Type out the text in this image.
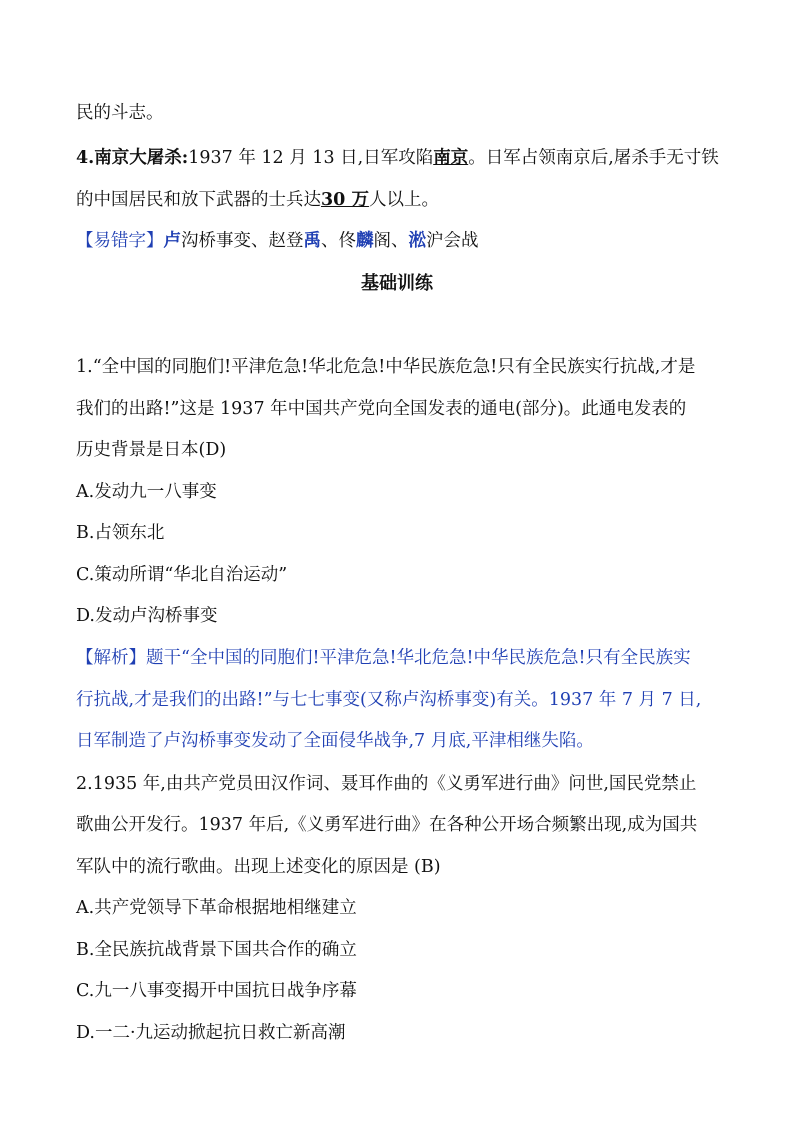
民的斗志。
4.南京大屠杀:1937 年 12 月 13 日,日军攻陷南京。日军占领南京后,屠杀手无寸铁
的中国居民和放下武器的士兵达30 万人以上。
【易错字】卢沟桥事变、赵登禹、佟麟阁、淞沪会战
基础训练
1.“全中国的同胞们!平津危急!华北危急!中华民族危急!只有全民族实行抗战,才是
我们的出路!”这是 1937 年中国共产党向全国发表的通电(部分)。此通电发表的
历史背景是日本(D)
A.发动九一八事变
B.占领东北
C.策动所谓“华北自治运动”
D.发动卢沟桥事变
【解析】题干“全中国的同胞们!平津危急!华北危急!中华民族危急!只有全民族实
行抗战,才是我们的出路!”与七七事变(又称卢沟桥事变)有关。1937 年 7 月 7 日,
日军制造了卢沟桥事变发动了全面侵华战争,7 月底,平津相继失陷。
2.1935 年,由共产党员田汉作词、聂耳作曲的《义勇军进行曲》问世,国民党禁止
歌曲公开发行。1937 年后,《义勇军进行曲》在各种公开场合频繁出现,成为国共
军队中的流行歌曲。出现上述变化的原因是 (B)
A.共产党领导下革命根据地相继建立
B.全民族抗战背景下国共合作的确立
C.九一八事变揭开中国抗日战争序幕
D.一二·九运动掀起抗日救亡新高潮
